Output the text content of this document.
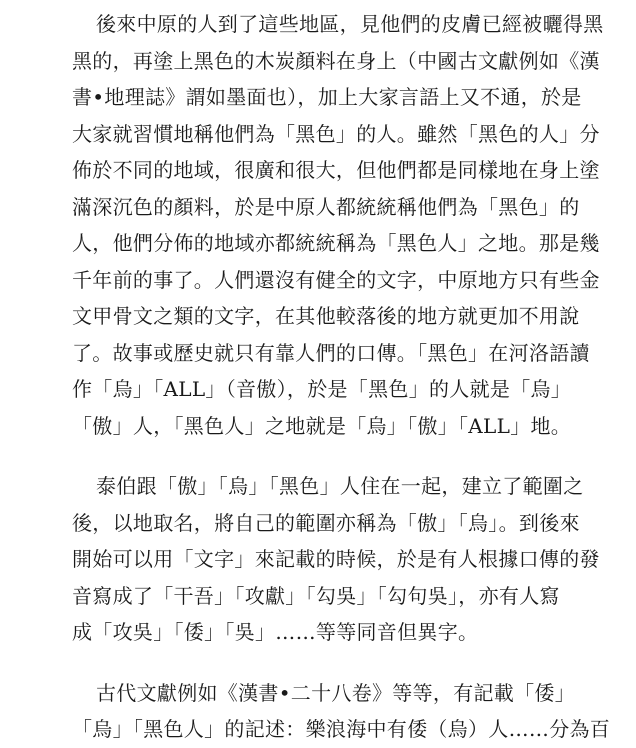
後來中原的人到了這些地區，見他們的皮膚已經被曬得黑
黑的，再塗上黑色的木炭顏料在身上（中國古文獻例如《漢
書•地理誌》謂如墨面也），加上大家言語上又不通，於是
大家就習慣地稱他們為「黑色」的人。雖然「黑色的人」分
佈於不同的地域，很廣和很大，但他們都是同樣地在身上塗
滿深沉色的顏料，於是中原人都統統稱他們為「黑色」的
人，他們分佈的地域亦都統統稱為「黑色人」之地。那是幾
千年前的事了。人們還沒有健全的文字，中原地方只有些金
文甲骨文之類的文字，在其他較落後的地方就更加不用說
了。故事或歷史就只有靠人們的口傳。「黑色」在河洛語讀
作「烏」「ALL」（音傲），於是「黑色」的人就是「烏」
「傲」人，「黑色人」之地就是「烏」「傲」「ALL」地。
泰伯跟「傲」「烏」「黑色」人住在一起，建立了範圍之
後，以地取名，將自己的範圍亦稱為「傲」「烏」。到後來
開始可以用「文字」來記載的時候，於是有人根據口傳的發
音寫成了「干吾」「攻獻」「勾吳」「勾句吳」，亦有人寫
成「攻吳」「倭」「吳」……等等同音但異字。
古代文獻例如《漢書•二十八卷》等等，有記載「倭」
「烏」「黑色人」的記述：樂浪海中有倭（烏）人……分為百
